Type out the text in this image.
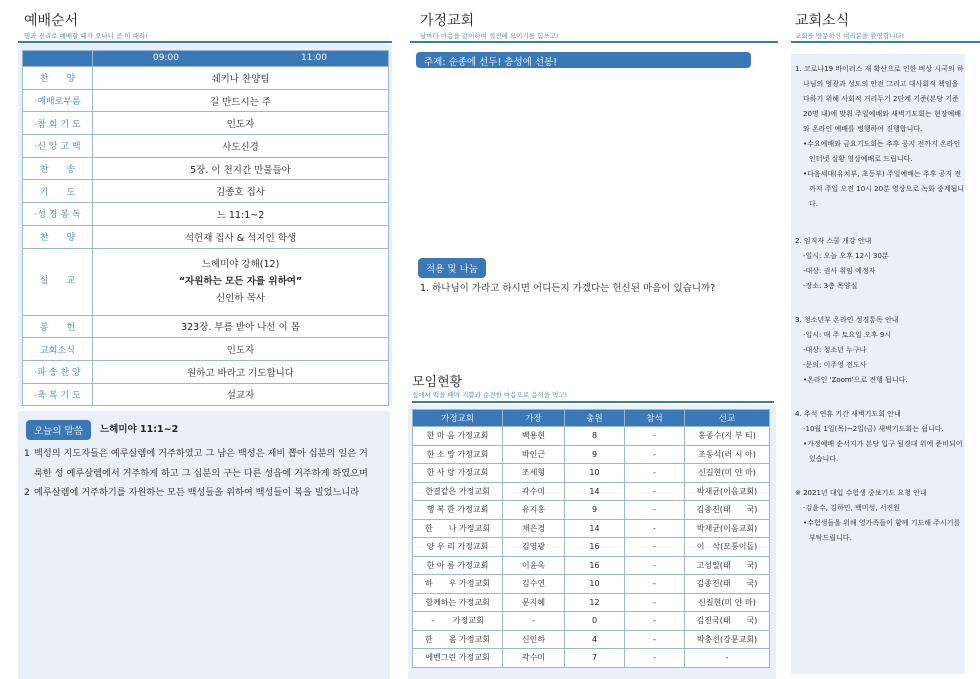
예배순서
영과 진리로 예배할 때가 오나니 곧 이 때라!

	09:00 11:00

찬　　양	쉐키나 찬양팀
·예배로부름	길 만드시는 주
·참 회 기 도	인도자
·신 앙 고 백	사도신경
찬　　송	5장. 이 천지간 만물들아
기　　도	김종호 집사
·성 경 봉 독	느 11:1~2
찬　　양	석헌재 집사 & 석지인 학생
설　　교	느헤미야 강해(12)
“자원하는 모든 자를 위하여”
신인하 목사

봉　　헌	323장. 부름 받아 나선 이 몸
교회소식	인도자
·파 송 찬 양	원하고 바라고 기도합니다
·축 복 기 도	설교자
오늘의 말씀	느헤미야 11:1~2
1 백성의 지도자들은 예루살렘에 거주하였고 그 남은 백성은 제비 뽑아 십분의 일은 거룩한 성 예루살렘에서 거주하게 하고 그 십분의 구는 다른 성읍에 거주하게 하였으며
2 예루살렘에 거주하기를 자원하는 모든 백성들을 위하여 백성들이 복을 빌었느니라
가정교회
날마다 마음을 같이하여 성전에 모이기를 힘쓰고!
주제: 순종에 선두! 충성에 선봉!
적용 및 나눔
1. 하나님이 가라고 하시면 어디든지 가겠다는 헌신된 마음이 있습니까?
모임현황
집에서 떡을 떼며 기쁨과 순전한 마음으로 음식을 먹고!
가정교회	가장	총원	참석	선교
한 마 음 가정교회	백용현	8	-	홍종수(지 부 티)
한 소 망 가정교회	박인근	9	-	조동석(러 시 아)
한 사 랑 가정교회	조세형	10	-	신길현(미 얀 마)
한결같은 가정교회	곽수미	14	-	박재균(이음교회)
행 복 한 가정교회	유지홍	9	-	김종진(태　　국)
한　　나 가정교회	채은경	14	-	박재균(이음교회)
양 우 리 가정교회	김영광	16	-	이　삭(모퉁이돌)
한 아 름 가정교회	이윤옥	16	-	고성일(태　　국)
하　　우 가정교회	김수연	10	-	김종진(태　　국)
함께하는 가정교회	문지혜	12	-	신길현(미 얀 마)
-　　 가정교회	-	0	-	김진국(태　　국)
한　　몸 가정교회	신인하	4	-	박충선(강문교회)
에벤그린 가정교회	곽수미	7	-	-
교회소식
교회를 방문하신 여러분을 환영합니다!
1. 코로나19 바이러스 재 확산으로 인한 비상 시국의 하나님의 영광과 성도의 안전 그리고 대사회적 책임을 다하기 위해 사회적 거리두기 2단계 기준(본당 기준 20명 내)에 맞춰 주일예배와 새벽기도회는 현장예배와 온라인 예배를 병행하여 진행합니다.
•수요예배와 금요기도회는 추후 공지 전까지 온라인 인터넷 실황 영상예배로 드립니다.
•다음세대(유치부, 초등부) 주일예배는 추후 공지 전까지 주일 오전 10시 20분 영상으로 녹화 중계됩니다.
2. 임직자 스쿨 개강 안내
-일시: 오늘 오후 12시 30분
-대상: 권사 취임 예정자
-장소: 3층 목양실
3. 청소년부 온라인 성경통독 안내
-일시: 매 주 토요일 오후 9시
-대상: 청소년 누구나
-문의: 이주영 전도사
•온라인 'Zoom'으로 진행 됩니다.
4. 추석 연휴 기간 새벽기도회 안내
-10월 1일(목)~2일(금) 새벽기도회는 쉽니다.
•가정예배 순서지가 본당 입구 될경대 위에 준비되어 있습니다.
※ 2021년 대입 수험생 중보기도 요청 안내
-김윤수, 김하민, 백미성, 서진원
•수험생들을 위해 영가족들이 함께 기도해 주시기를 부탁드립니다.
